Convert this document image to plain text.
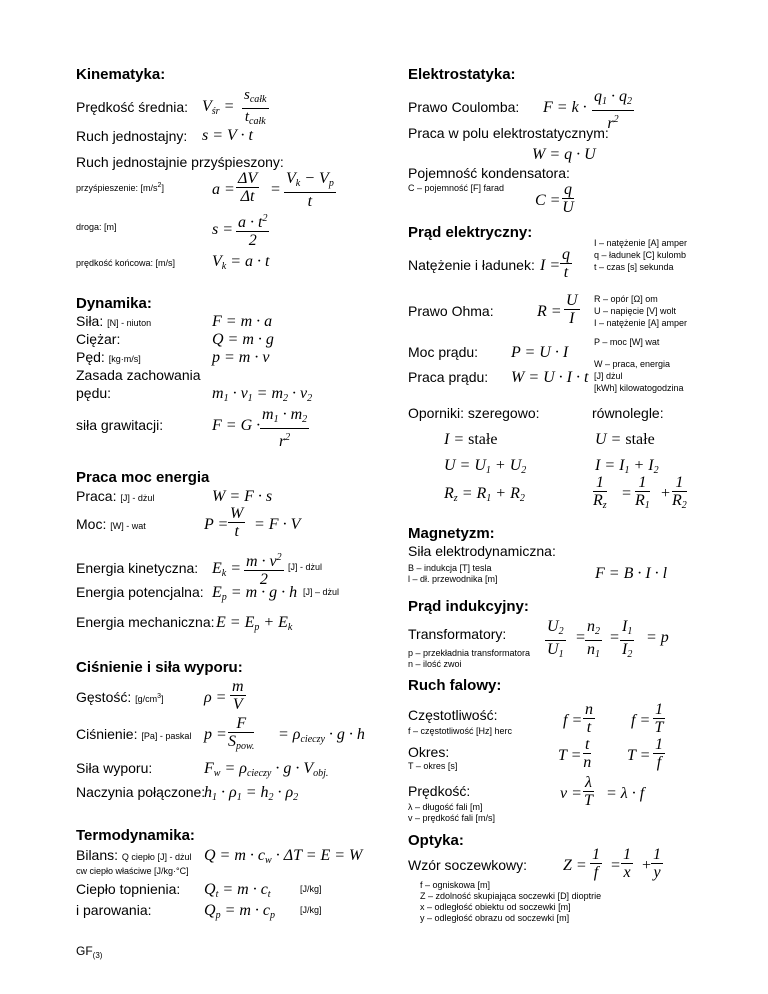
Kinematyka:
Prędkość średnia: $V_{śr}$ =
$s_{całk}$
$t_{całk}$
Ruch jednostajny: s = V · t
Ruch jednostajnie przyśpieszony:
przyśpieszenie: $[m/s^2]$	$a = \frac{\Delta V}{\Delta t} = \frac{V_k - V_p}{t}$
droga: [m]	$s = \frac{a \cdot t^2}{2}$
prędkość końcowa: [m/s] $V_k = a \cdot t$
Dynamika:
Siła: [N] - niuton	F = m · a
Ciężar:	Q = m · g
Pęd: [kg·m/s]	p = m · v
Zasada zachowania
pędu:	$m_1 \cdot v_1 = m_2 \cdot v_2$
siła grawitacji:	$F = G \cdot \frac{m_1 \cdot m_2}{r^2}$
Praca moc energia
Praca: [J] - dżul	W = F · s
Moc: [W] - wat	$P = \frac{W}{t} = F \cdot V$
Energia kinetyczna: $E_k = \frac{m \cdot v^2}{2} [J]$ - dżul
Energia potencjalna: $E_p = m \cdot g \cdot h$ [J] – dżul
Energia mechaniczna: $E = E_p + E_k$
Ciśnienie i siła wyporu:
Gęstość: $[g/cm^3]$	$\rho = \frac{m}{V}$
Ciśnienie: [Pa] - paskal p =
F
$S_{pow.}$
= $\rho_{cieczy} \cdot g \cdot h$
Siła wyporu:	$F_w = \rho_{cieczy} \cdot g \cdot V_{obj.}$
Naczynia połączone:
$h_1 \cdot \rho_1 = h_2 \cdot \rho_2$
Termodynamika:
Bilans: Q ciepło [J] - dżul $Q = m \cdot c_w \cdot \Delta T = E = W$
cw ciepło właściwe [J/kg·°C]
Ciepło topnienia: $Q_t = m \cdot c_t$	[J/kg]
i parowania:	$Q_p = m \cdot c_p$	[J/kg]
$GF_{(3)}$
Elektrostatyka:
Prawo Coulomba: $F = k \cdot \frac{q_1 \cdot q_2}{r^2}$
Praca w polu elektrostatycznym:
W = q · U
Pojemność kondensatora:
C – pojemność [F] farad
$C = \frac{q}{U}$
Prąd elektryczny:
Natężenie i ładunek: $I = \frac{q}{t}$
I – natężenie [A] amper
q – ładunek [C] kulomb
t – czas [s] sekunda
Prawo Ohma:	$R = \frac{U}{I}$ R – opór [Ω] om
U – napięcie [V] wolt
I – natężenie [A] amper
P – moc [W] wat
Moc prądu: P = U · I
W – praca, energia
[J] dżul
[kWh] kilowatogodzina
Praca prądu: W = U · I · t
Oporniki: szeregowo:	równolegle:
I = stałe	U = stałe
$U = U_1 + U_2$	$I = I_1 + I_2$
$R_z = R_1 + R_2$	$\frac{1}{R_z} = \frac{1}{R_1} + \frac{1}{R_2}$
Magnetyzm:
Siła elektrodynamiczna:
B – indukcja [T] tesla
l – dł. przewodnika [m]	F = B · I · l
Prąd indukcyjny:
Transformatory:
p – przekładnia transformatora
n – ilość zwoi
$\frac{U_2}{U_1} = \frac{n_2}{n_1} = \frac{I_1}{I_2} = p$
Ruch falowy:
Częstotliwość:
f – częstotliwość [Hz] herc
$f = \frac{n}{t}$ $f = \frac{1}{T}$
Okres:
T – okres [s]
$T = \frac{t}{n}$ $T = \frac{1}{f}$
Prędkość:
λ – długość fali [m]
v – prędkość fali [m/s]
$v = \frac{\lambda}{T} = \lambda \cdot f$
Optyka:
Wzór soczewkowy: $Z = \frac{1}{f} = \frac{1}{x} + \frac{1}{y}$
f – ogniskowa [m]
Z – zdolność skupiająca soczewki [D] dioptrie
x – odległość obiektu od soczewki [m]
y – odległość obrazu od soczewki [m]
